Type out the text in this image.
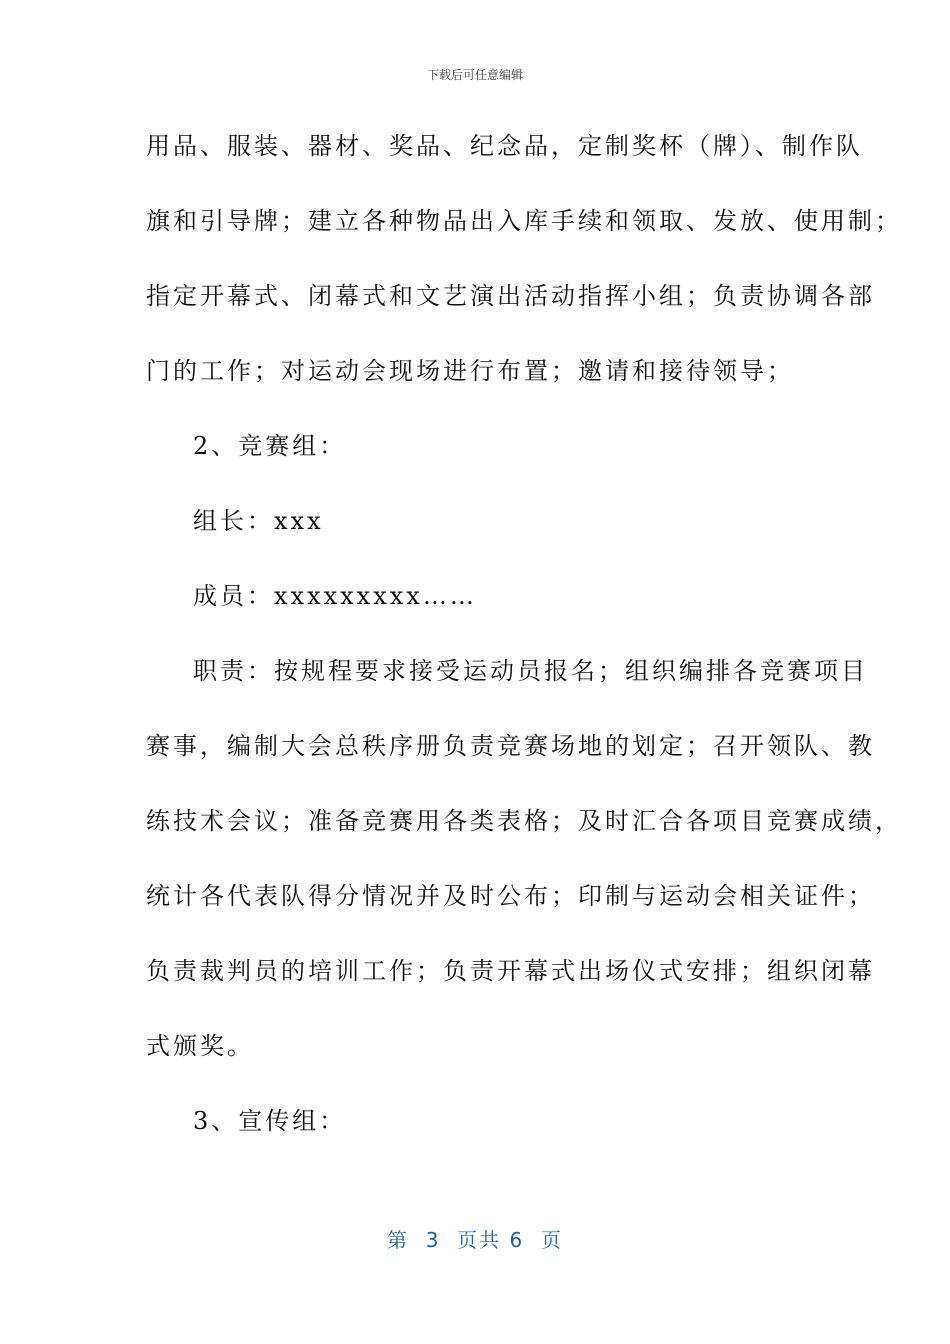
下载后可任意编辑
用品、服装、器材、奖品、纪念品，定制奖杯（牌）、制作队
旗和引导牌；建立各种物品出入库手续和领取、发放、使用制；
指定开幕式、闭幕式和文艺演出活动指挥小组；负责协调各部
门的工作；对运动会现场进行布置；邀请和接待领导；
2、竞赛组：
组长：xxx
成员：xxxxxxxxx……
职责：按规程要求接受运动员报名；组织编排各竞赛项目
赛事，编制大会总秩序册负责竞赛场地的划定；召开领队、教
练技术会议；准备竞赛用各类表格；及时汇合各项目竞赛成绩，
统计各代表队得分情况并及时公布；印制与运动会相关证件；
负责裁判员的培训工作；负责开幕式出场仪式安排；组织闭幕
式颁奖。
3、宣传组：
第  3  页共 6  页
